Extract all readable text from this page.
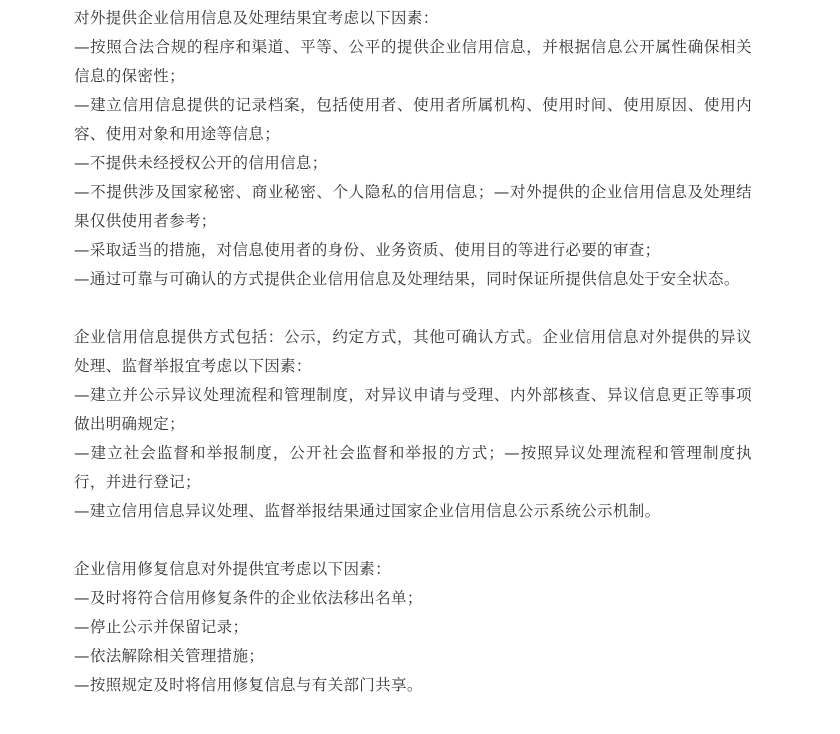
对外提供企业信用信息及处理结果宜考虑以下因素：

—按照合法合规的程序和渠道、平等、公平的提供企业信用信息，并根据信息公开属性确保相关信息的保密性；

—建立信用信息提供的记录档案，包括使用者、使用者所属机构、使用时间、使用原因、使用内容、使用对象和用途等信息；

—不提供未经授权公开的信用信息；

—不提供涉及国家秘密、商业秘密、个人隐私的信用信息；—对外提供的企业信用信息及处理结果仅供使用者参考；

—采取适当的措施，对信息使用者的身份、业务资质、使用目的等进行必要的审查；

—通过可靠与可确认的方式提供企业信用信息及处理结果，同时保证所提供信息处于安全状态。

企业信用信息提供方式包括：公示，约定方式，其他可确认方式。企业信用信息对外提供的异议处理、监督举报宜考虑以下因素：

—建立并公示异议处理流程和管理制度，对异议申请与受理、内外部核查、异议信息更正等事项做出明确规定；

—建立社会监督和举报制度，公开社会监督和举报的方式；—按照异议处理流程和管理制度执行，并进行登记；

—建立信用信息异议处理、监督举报结果通过国家企业信用信息公示系统公示机制。

企业信用修复信息对外提供宜考虑以下因素：

—及时将符合信用修复条件的企业依法移出名单；

—停止公示并保留记录；

—依法解除相关管理措施；

—按照规定及时将信用修复信息与有关部门共享。
